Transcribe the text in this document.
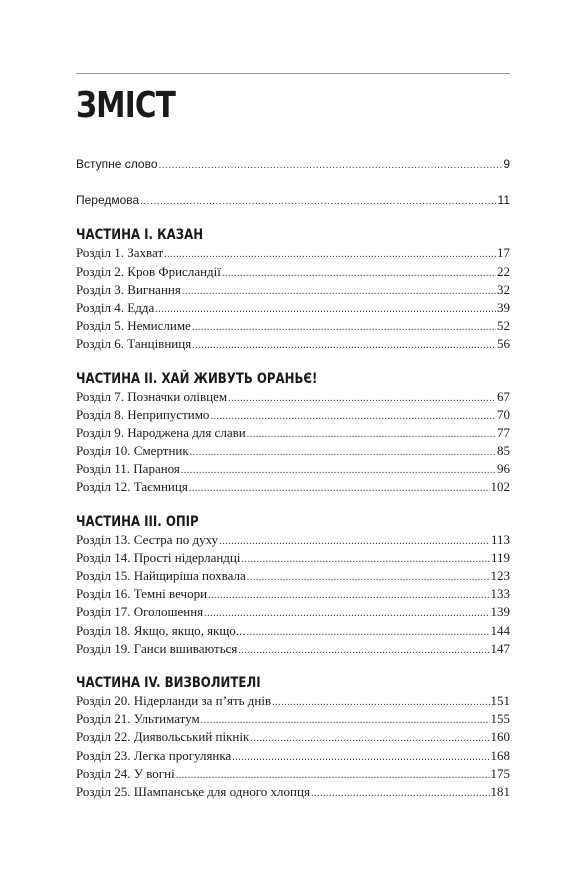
ЗМІСТ
Вступне слово .....	9
Передмова .....	11
ЧАСТИНА I. КАЗАН
Розділ 1. Захват .....	17
Розділ 2. Кров Фрисландії .....	22
Розділ 3. Вигнання .....	32
Розділ 4. Едда .....	39
Розділ 5. Немислиме .....	52
Розділ 6. Танцівниця .....	56
ЧАСТИНА II. ХАЙ ЖИВУТЬ ОРАНЬЄ!
Розділ 7. Позначки олівцем .....	67
Розділ 8. Неприпустимо .....	70
Розділ 9. Народжена для слави .....	77
Розділ 10. Смертник .....	85
Розділ 11. Параноя .....	96
Розділ 12. Таємниця .....	102
ЧАСТИНА III. ОПІР
Розділ 13. Сестра по духу .....	113
Розділ 14. Прості нідерландці .....	119
Розділ 15. Найщиріша похвала .....	123
Розділ 16. Темні вечори .....	133
Розділ 17. Оголошення .....	139
Розділ 18. Якщо, якщо, якщо... .....	144
Розділ 19. Ганси вшиваються .....	147
ЧАСТИНА IV. ВИЗВОЛИТЕЛІ
Розділ 20. Нідерланди за п’ять днів .....	151
Розділ 21. Ультиматум .....	155
Розділ 22. Диявольський пікнік .....	160
Розділ 23. Легка прогулянка .....	168
Розділ 24. У вогні .....	175
Розділ 25. Шампанське для одного хлопця .....	181
